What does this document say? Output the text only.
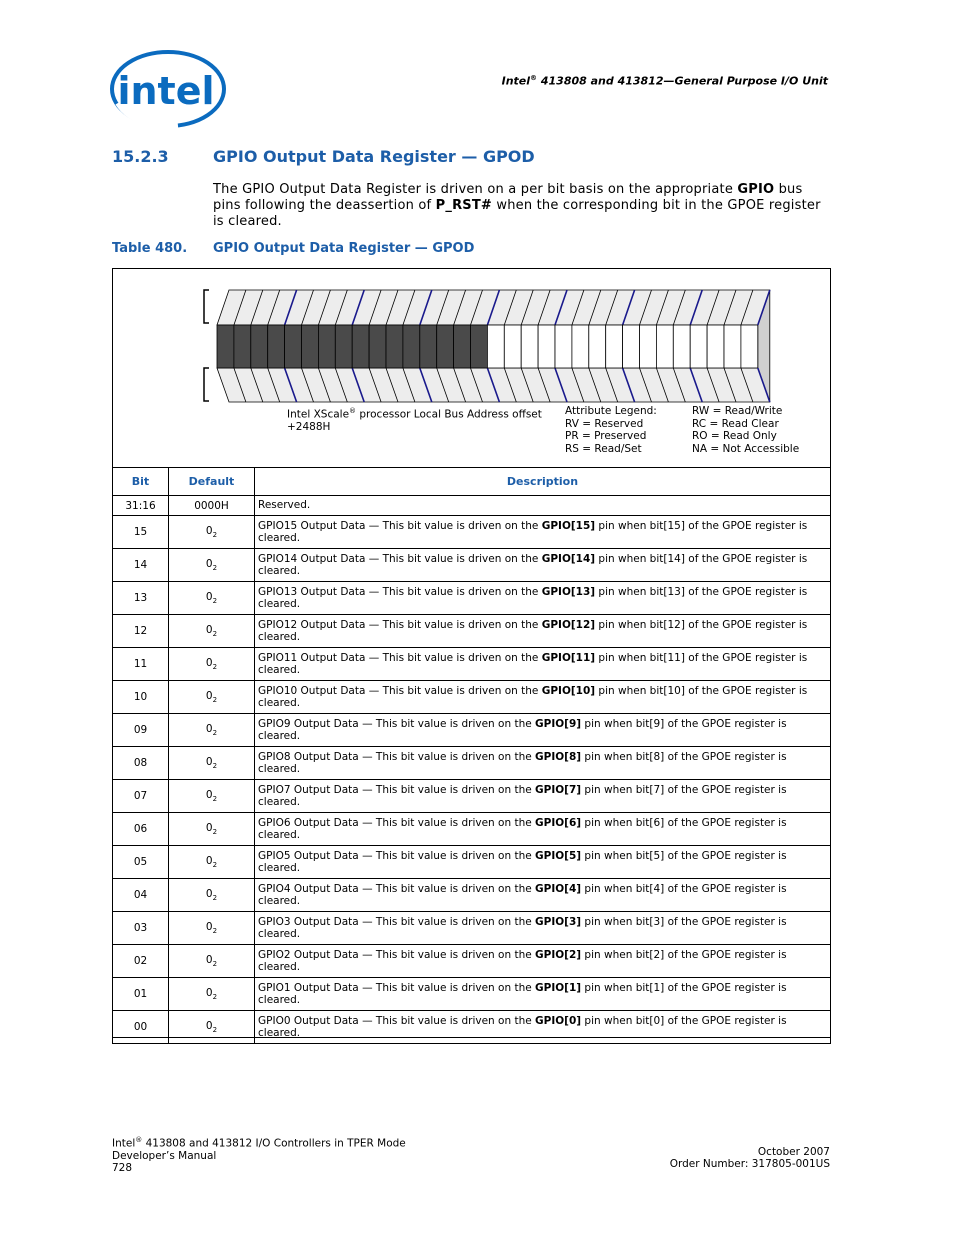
intel	Intel® 413808 and 413812—General Purpose I/O Unit
15.2.3	GPIO Output Data Register — GPOD
The GPIO Output Data Register is driven on a per bit basis on the appropriate GPIO bus pins following the deassertion of P_RST# when the corresponding bit in the GPOE register is cleared.
Table 480. GPIO Output Data Register — GPOD
Intel XScale® processor Local Bus Address offset
+2488H
Attribute Legend:
RV = Reserved
PR = Preserved
RS = Read/Set
RW = Read/Write
RC = Read Clear
RO = Read Only
NA = Not Accessible
Bit	Default	Description
31:16	0000H	Reserved.
15	$0_2$	GPIO15 Output Data — This bit value is driven on the GPIO[15] pin when bit[15] of the GPOE register is cleared.
14	$0_2$	GPIO14 Output Data — This bit value is driven on the GPIO[14] pin when bit[14] of the GPOE register is cleared.
13	$0_2$	GPIO13 Output Data — This bit value is driven on the GPIO[13] pin when bit[13] of the GPOE register is cleared.
12	$0_2$	GPIO12 Output Data — This bit value is driven on the GPIO[12] pin when bit[12] of the GPOE register is cleared.
11	$0_2$	GPIO11 Output Data — This bit value is driven on the GPIO[11] pin when bit[11] of the GPOE register is cleared.
10	$0_2$	GPIO10 Output Data — This bit value is driven on the GPIO[10] pin when bit[10] of the GPOE register is cleared.
09	$0_2$	GPIO9 Output Data — This bit value is driven on the GPIO[9] pin when bit[9] of the GPOE register is cleared.
08	$0_2$	GPIO8 Output Data — This bit value is driven on the GPIO[8] pin when bit[8] of the GPOE register is cleared.
07	$0_2$	GPIO7 Output Data — This bit value is driven on the GPIO[7] pin when bit[7] of the GPOE register is cleared.
06	$0_2$	GPIO6 Output Data — This bit value is driven on the GPIO[6] pin when bit[6] of the GPOE register is cleared.
05	$0_2$	GPIO5 Output Data — This bit value is driven on the GPIO[5] pin when bit[5] of the GPOE register is cleared.
04	$0_2$	GPIO4 Output Data — This bit value is driven on the GPIO[4] pin when bit[4] of the GPOE register is cleared.
03	$0_2$	GPIO3 Output Data — This bit value is driven on the GPIO[3] pin when bit[3] of the GPOE register is cleared.
02	$0_2$	GPIO2 Output Data — This bit value is driven on the GPIO[2] pin when bit[2] of the GPOE register is cleared.
01	$0_2$	GPIO1 Output Data — This bit value is driven on the GPIO[1] pin when bit[1] of the GPOE register is cleared.
00	$0_2$	GPIO0 Output Data — This bit value is driven on the GPIO[0] pin when bit[0] of the GPOE register is cleared.
Intel® 413808 and 413812 I/O Controllers in TPER Mode
Developer’s Manual
728
October 2007
Order Number: 317805-001US
